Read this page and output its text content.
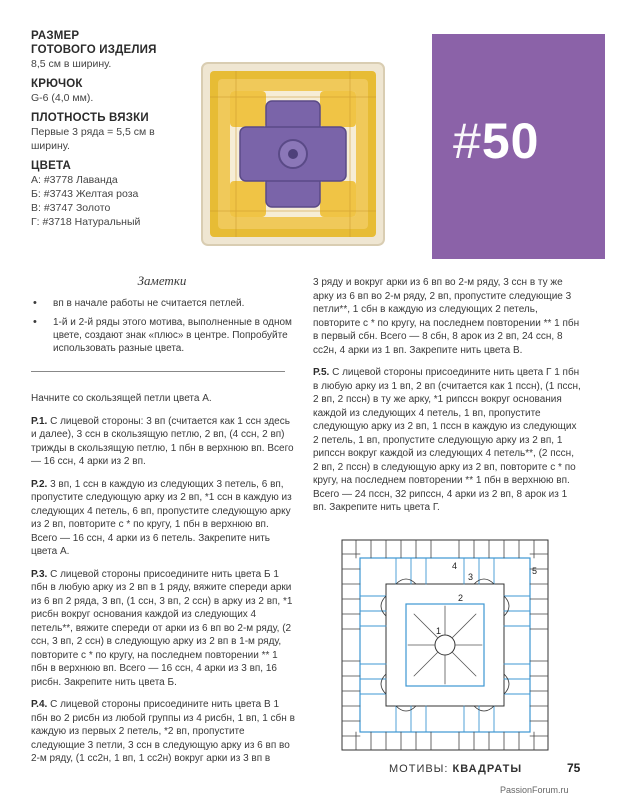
РАЗМЕР
ГОТОВОГО ИЗДЕЛИЯ
8,5 см в ширину.
КРЮЧОК
G-6 (4,0 мм).
ПЛОТНОСТЬ ВЯЗКИ
Первые 3 ряда = 5,5 см в
ширину.
ЦВЕТА
А: #3778 Лаванда
Б: #3743 Желтая роза
В: #3747 Золото
Г: #3718 Натуральный
#50
Заметки
• вп в начале работы не считается петлей.
• 1-й и 2-й ряды этого мотива, выполненные в одном цвете, создают знак «плюс» в центре. Попробуйте использовать разные цвета.

Начните со скользящей петли цвета А.

Р.1. С лицевой стороны: 3 вп (считается как 1 ссн здесь и далее), 3 ссн в скользящую петлю, 2 вп, (4 ссн, 2 вп) трижды в скользящую петлю, 1 пбн в верхнюю вп. Всего — 16 ссн, 4 арки из 2 вп.

Р.2. 3 вп, 1 ссн в каждую из следующих 3 петель, 6 вп, пропустите следующую арку из 2 вп, *1 ссн в каждую из следующих 4 петель, 6 вп, пропустите следующую арку из 2 вп, повторите с * по кругу, 1 пбн в верхнюю вп. Всего — 16 ссн, 4 арки из 6 петель. Закрепите нить цвета А.

Р.3. С лицевой стороны присоедините нить цвета Б 1 пбн в любую арку из 2 вп в 1 ряду, вяжите спереди арки из 6 вп 2 ряда, 3 вп, (1 ссн, 3 вп, 2 ссн) в арку из 2 вп, *1 рисбн вокруг основания каждой из следующих 4 петель**, вяжите спереди от арки из 6 вп во 2-м ряду, (2 ссн, 3 вп, 2 ссн) в следующую арку из 2 вп в 1-м ряду, повторите с * по кругу, на последнем повторении ** 1 пбн в верхнюю вп. Всего — 16 ссн, 4 арки из 3 вп, 16 рисбн. Закрепите нить цвета Б.

Р.4. С лицевой стороны присоедините нить цвета В 1 пбн во 2 рисбн из любой группы из 4 рисбн, 1 вп, 1 сбн в каждую из первых 2 петель, *2 вп, пропустите следующие 3 петли, 3 ссн в следующую арку из 6 вп во 2-м ряду, (1 сс2н, 1 вп, 1 сс2н) вокруг арки из 3 вп в

3 ряду и вокруг арки из 6 вп во 2-м ряду, 3 ссн в ту же арку из 6 вп во 2-м ряду, 2 вп, пропустите следующие 3 петли**, 1 сбн в каждую из следующих 2 петель, повторите с * по кругу, на последнем повторении ** 1 пбн в первый сбн. Всего — 8 сбн, 8 арок из 2 вп, 24 ссн, 8 сс2н, 4 арки из 1 вп. Закрепите нить цвета В.

Р.5. С лицевой стороны присоедините нить цвета Г 1 пбн в любую арку из 1 вп, 2 вп (считается как 1 пссн), (1 пссн, 2 вп, 2 пссн) в ту же арку, *1 рипссн вокруг основания каждой из следующих 4 петель, 1 вп, пропустите следующую арку из 2 вп, 1 пссн в каждую из следующих 2 петель, 1 вп, пропустите следующую арку из 2 вп, 1 рипссн вокруг каждой из следующих 4 петель**, (2 пссн, 2 вп, 2 пссн) в следующую арку из 2 вп, повторите с * по кругу, на последнем повторении ** 1 пбн в верхнюю вп. Всего — 24 пссн, 32 рипссн, 4 арки из 2 вп, 8 арок из 1 вп. Закрепите нить цвета Г.

1
2
3
4	5
МОТИВЫ: КВАДРАТЫ	75
PassionForum.ru
